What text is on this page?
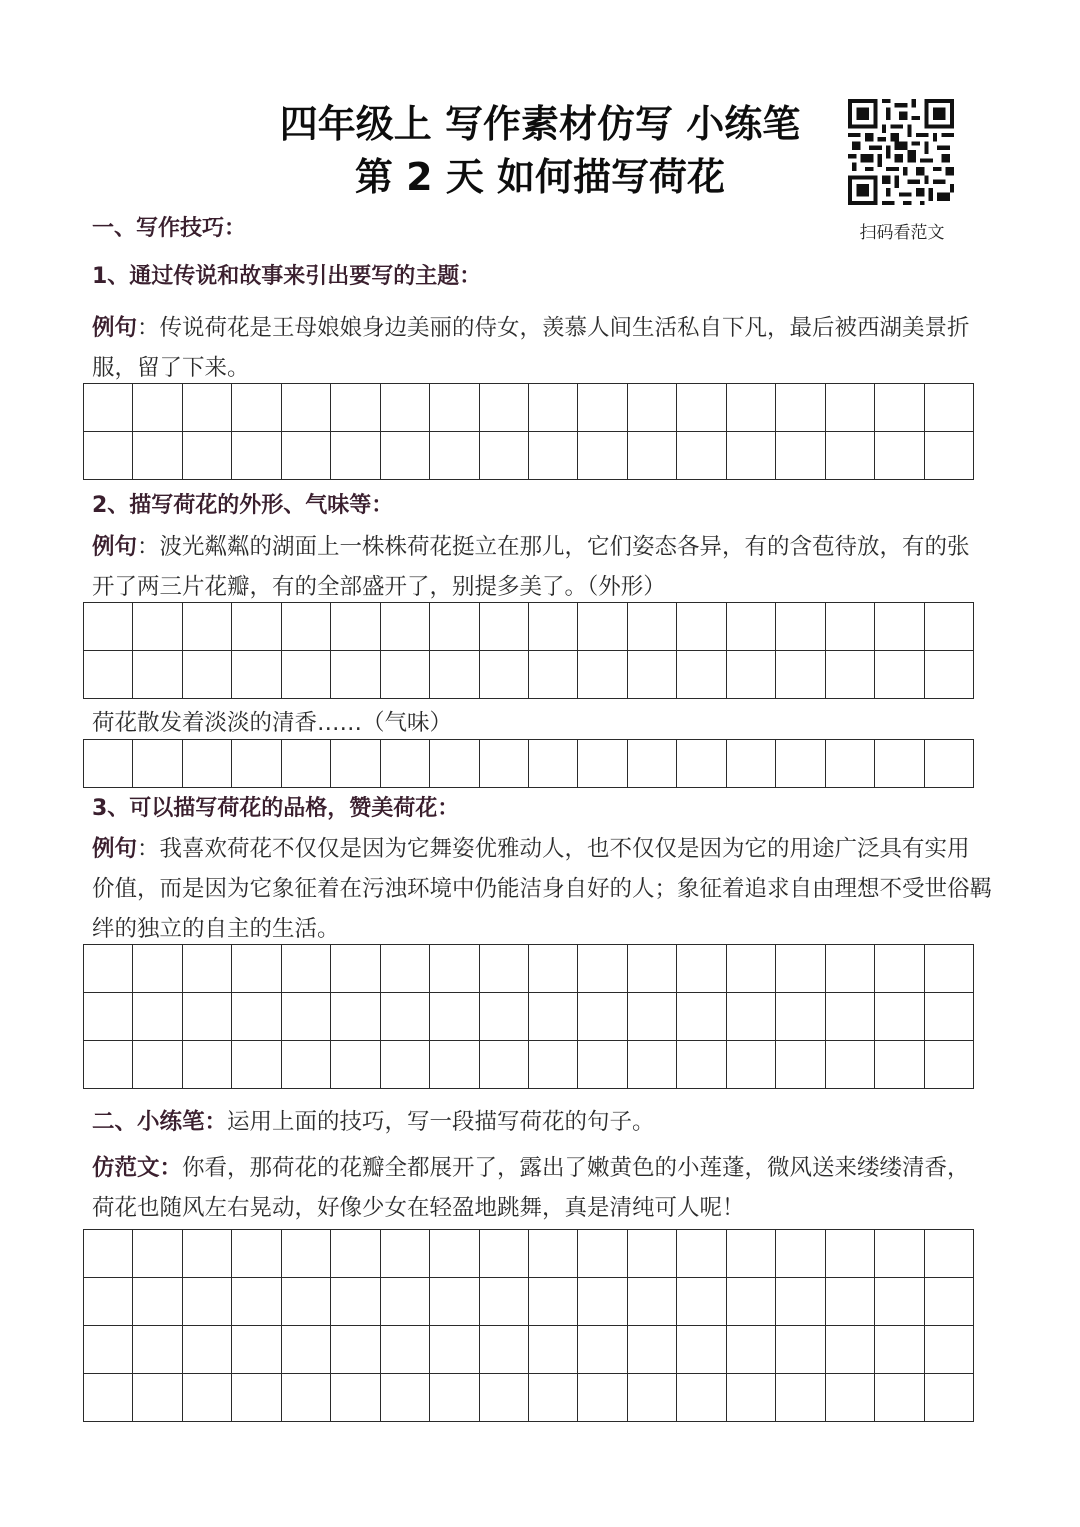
四年级上 写作素材仿写 小练笔
第 2 天 如何描写荷花
扫码看范文
一、写作技巧：
1、通过传说和故事来引出要写的主题：
例句：传说荷花是王母娘娘身边美丽的侍女，羡慕人间生活私自下凡，最后被西湖美景折服，留了下来。
2、描写荷花的外形、气味等：
例句：波光粼粼的湖面上一株株荷花挺立在那儿，它们姿态各异，有的含苞待放，有的张开了两三片花瓣，有的全部盛开了，别提多美了。（外形）
荷花散发着淡淡的清香……（气味）
3、可以描写荷花的品格，赞美荷花：
例句：我喜欢荷花不仅仅是因为它舞姿优雅动人，也不仅仅是因为它的用途广泛具有实用价值，而是因为它象征着在污浊环境中仍能洁身自好的人；象征着追求自由理想不受世俗羁绊的独立的自主的生活。
二、小练笔：运用上面的技巧，写一段描写荷花的句子。
仿范文：你看，那荷花的花瓣全都展开了，露出了嫩黄色的小莲蓬，微风送来缕缕清香，荷花也随风左右晃动，好像少女在轻盈地跳舞，真是清纯可人呢！
